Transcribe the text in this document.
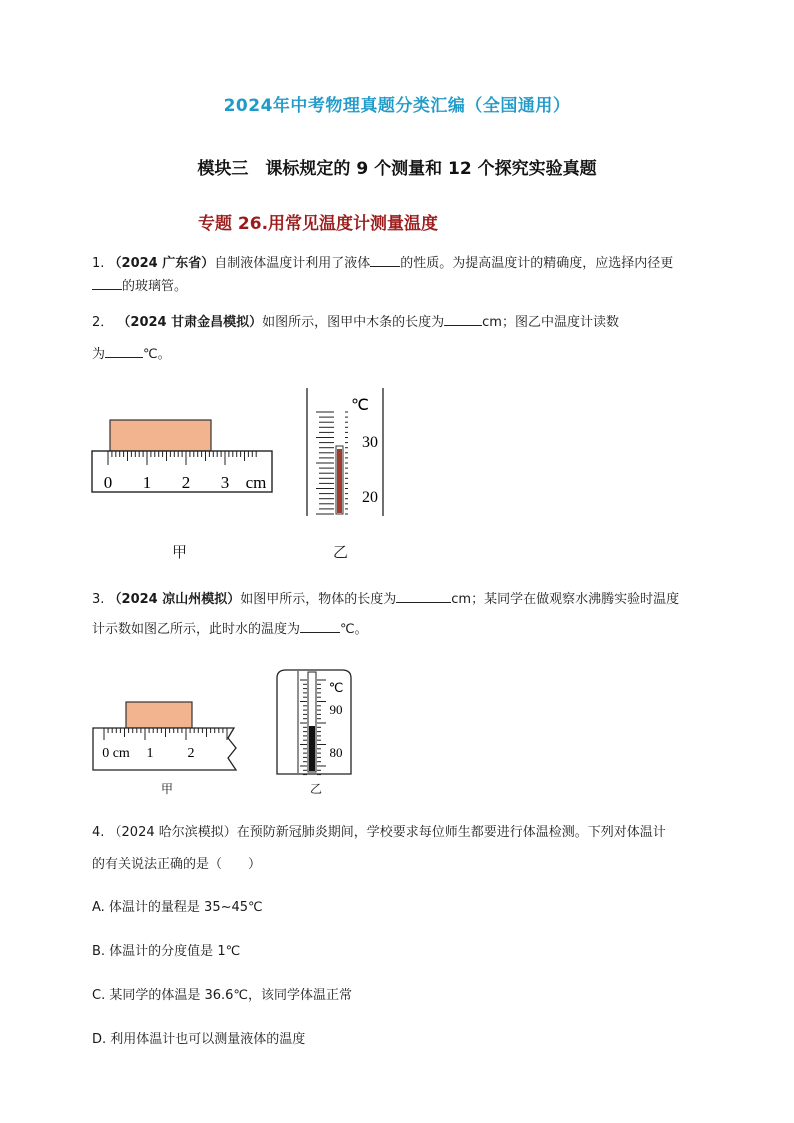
2024年中考物理真题分类汇编（全国通用）
模块三　课标规定的 9 个测量和 12 个探究实验真题
专题 26.用常见温度计测量温度
1. （2024 广东省）自制液体温度计利用了液体 的性质。为提高温度计的精确度，应选择内径更
的玻璃管。
2． （2024 甘肃金昌模拟）如图所示，图甲中木条的长度为	cm；图乙中温度计读数
为	℃。
0 1 2 3 cm
℃
30
20
甲	乙
3. （2024 凉山州模拟）如图甲所示，物体的长度为	cm；某同学在做观察水沸腾实验时温度
计示数如图乙所示，此时水的温度为	℃。
0 cm 1 2
℃
90
80
甲	乙
4. （2024 哈尔滨模拟）在预防新冠肺炎期间，学校要求每位师生都要进行体温检测。下列对体温计
的有关说法正确的是（　　）
A. 体温计的量程是 35~45℃
B. 体温计的分度值是 1℃
C. 某同学的体温是 36.6℃，该同学体温正常
D. 利用体温计也可以测量液体的温度
